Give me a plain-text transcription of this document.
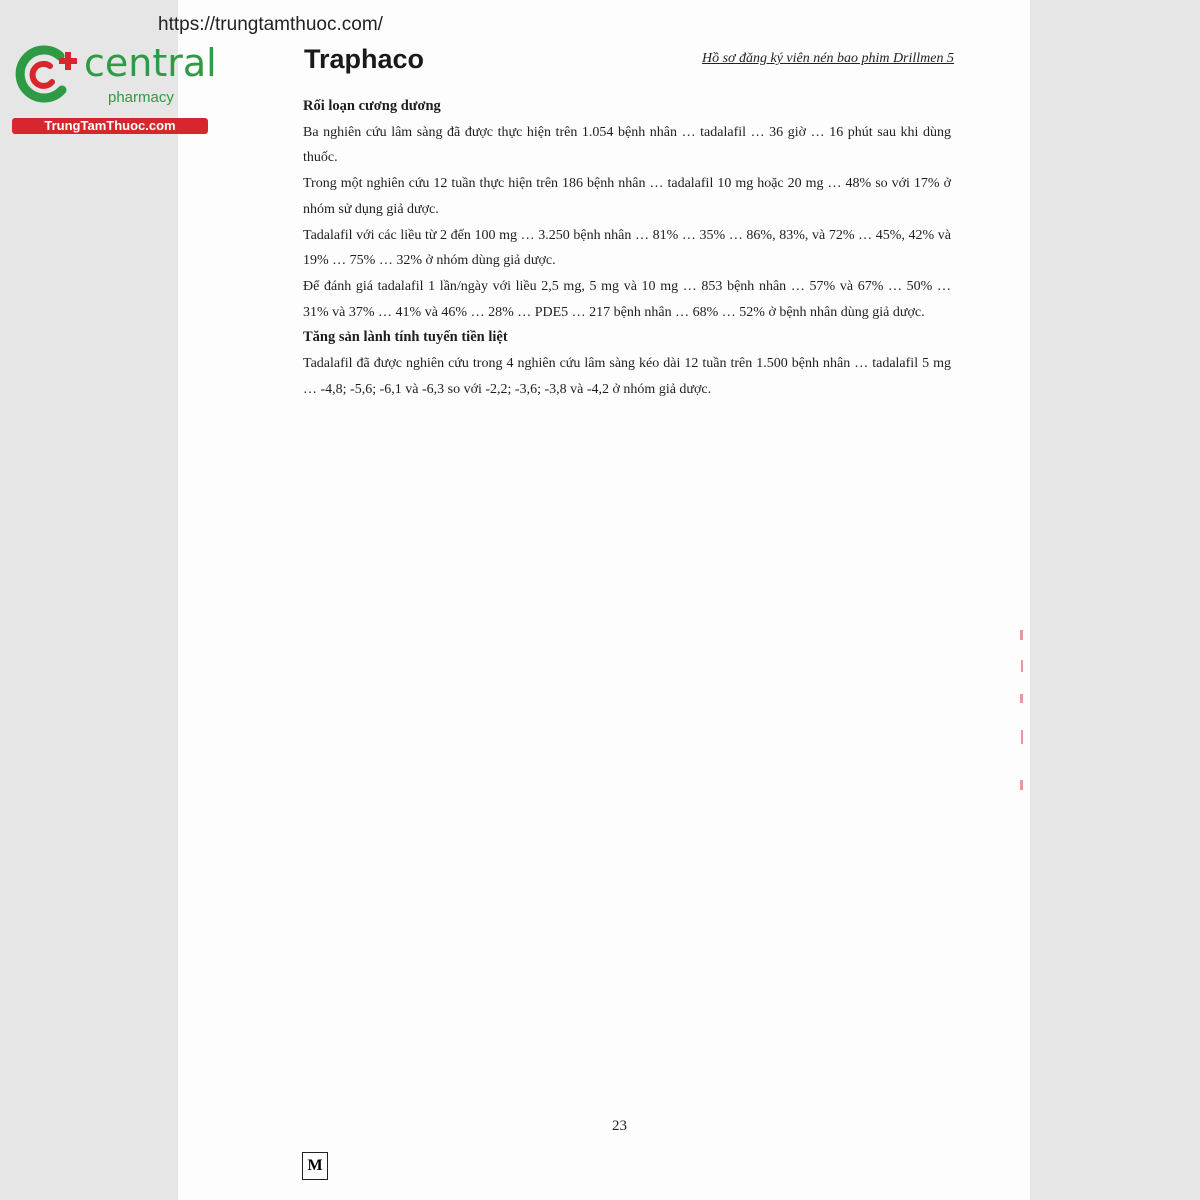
https://trungtamthuoc.com/
central
pharmacy
TrungTamThuoc.com
Traphaco	Hồ sơ đăng ký viên nén bao phim Drillmen 5
Rối loạn cương dương

Ba nghiên cứu lâm sàng đã được thực hiện trên 1.054 bệnh nhân … tadalafil … 36 giờ … 16 phút sau khi dùng thuốc.

Trong một nghiên cứu 12 tuần thực hiện trên 186 bệnh nhân … tadalafil 10 mg hoặc 20 mg … 48% so với 17% ở nhóm sử dụng giả dược.

Tadalafil với các liều từ 2 đến 100 mg … 3.250 bệnh nhân … 81% … 35% … 86%, 83%, và 72% … 45%, 42% và 19% … 75% … 32% ở nhóm dùng giả dược.

Để đánh giá tadalafil 1 lần/ngày với liều 2,5 mg, 5 mg và 10 mg … 853 bệnh nhân … 57% và 67% … 50% … 31% và 37% … 41% và 46% … 28% … PDE5 … 217 bệnh nhân … 68% … 52% ở bệnh nhân dùng giả dược.

Tăng sản lành tính tuyến tiền liệt

Tadalafil đã được nghiên cứu trong 4 nghiên cứu lâm sàng kéo dài 12 tuần trên 1.500 bệnh nhân … tadalafil 5 mg … -4,8; -5,6; -6,1 và -6,3 so với -2,2; -3,6; -3,8 và -4,2 ở nhóm giả dược.

23
M
